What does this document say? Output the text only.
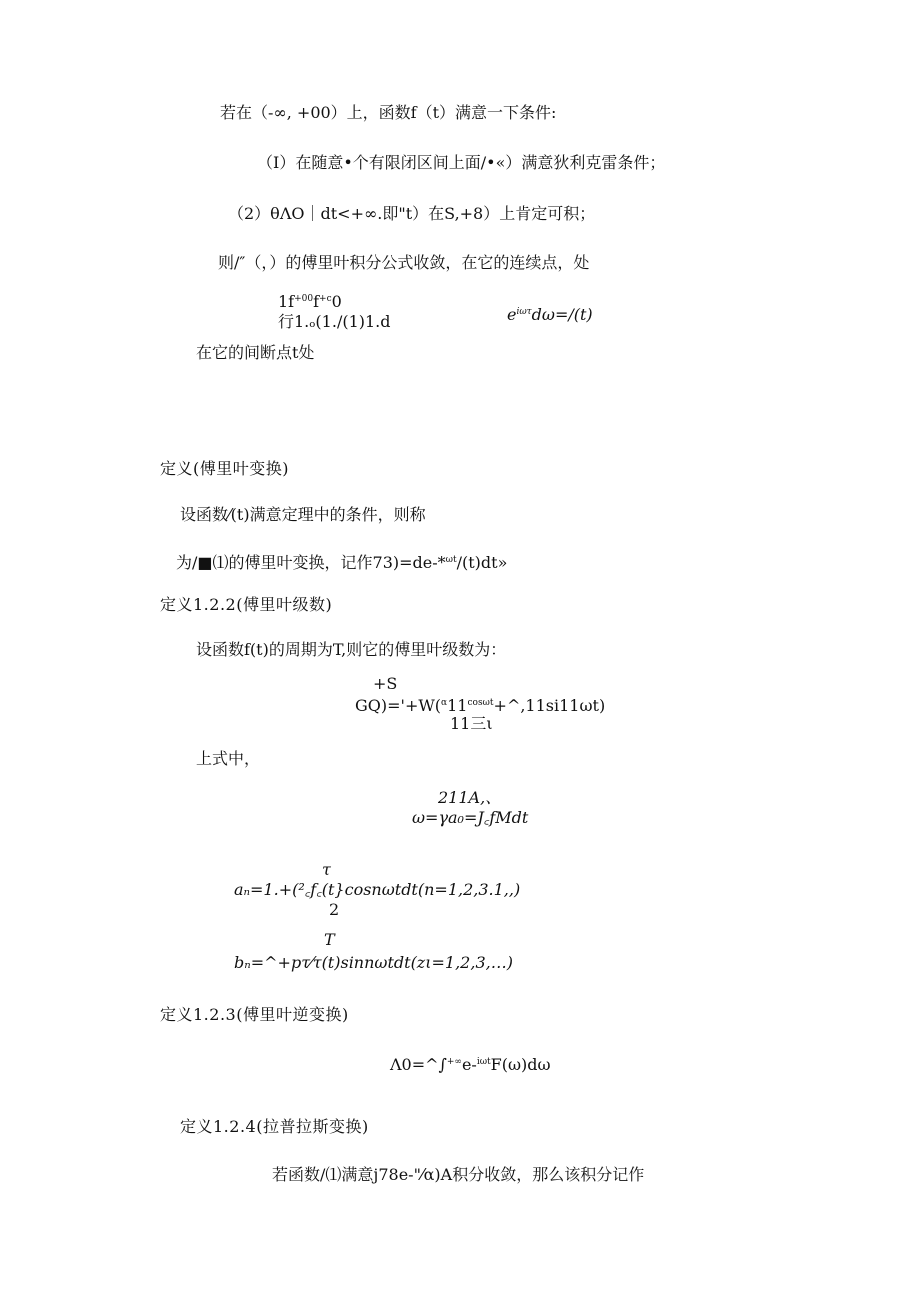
若在（-∞, +00）上，函数f（t）满意一下条件:
（I）在随意•个有限闭区间上面/•«）满意狄利克雷条件；
（2）θΛO｜dt<+∞.即"t）在S,+8）上肯定可积；
则/″（，）的傅里叶积分公式收敛，在它的连续点，处
$1f^{+00}f^{+c}0$
行1.ₒ(1./(1)1.d	$e^{i\omega\tau}d\omega=/(t)$
在它的间断点t处
定义(傅里叶变换)
设函数⁄(t)满意定理中的条件，则称
为/■⑴的傅里叶变换，记作73)=de-*$^{\omega t}$/(t)dt»
定义1.2.2(傅里叶级数)
设函数f(t)的周期为T,则它的傅里叶级数为：
+S
$GQ)='+W(^\alpha 11^{cos\omega t}+\^{},11si11\omega t)$
11三ι
上式中，
211A,、
ω=γa₀=J꜀fMdt
τ
aₙ=1.+(²꜀f꜀(t}cosnωtdt(n=1,2,3.1,,)
2
T
bₙ=^+pτ⁄τ(t)sinnωtdt(zι=1,2,3,…)
定义1.2.3(傅里叶逆变换)
Λ0=^∫+∞e-$^{i\omega t}$F(ω)dω
定义1.2.4(拉普拉斯变换)
若函数/⑴满意j78e-"⁄α)A积分收敛，那么该积分记作
